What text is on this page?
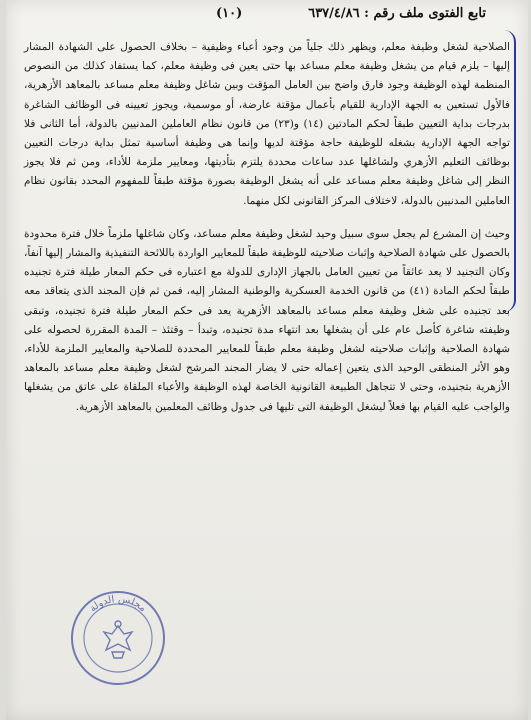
تابع الفتوى ملف رقم : ٦٣٧/٤/٨٦
(١٠)

الصلاحية لشغل وظيفة معلم، ويظهر ذلك جلياً من وجود أعباء وظيفية – بخلاف الحصول على الشهادة المشار إليها – يلزم قيام من يشغل وظيفة معلم مساعد بها حتى يعين فى وظيفة معلم، كما يستفاد كذلك من النصوص المنظمة لهذه الوظيفة وجود فارق واضح بين العامل المؤقت وبين شاغل وظيفة معلم مساعد بالمعاهد الأزهرية، فالأول تستعين به الجهة الإدارية للقيام بأعمال مؤقتة عارضة، أو موسمية، ويجوز تعيينه فى الوظائف الشاغرة بدرجات بداية التعيين طبقاً لحكم المادتين (١٤) و(٢٣) من قانون نظام العاملين المدنيين بالدولة، أما الثانى فلا تواجه الجهة الإدارية بشغله للوظيفة حاجة مؤقتة لديها وإنما هى وظيفة أساسية تمثل بداية درجات التعيين بوظائف التعليم الأزهري ولشاغلها عدد ساعات محددة يلتزم بتأديتها، ومعايير ملزمة للأداء، ومن ثم فلا يجوز النظر إلى شاغل وظيفة معلم مساعد على أنه يشغل الوظيفة بصورة مؤقتة طبقاً للمفهوم المحدد بقانون نظام العاملين المدنيين بالدولة، لاختلاف المركز القانونى لكل منهما.

وحيث إن المشرع لم يجعل سوى سبيل وحيد لشغل وظيفة معلم مساعد، وكان شاغلها ملزماً خلال فترة محدودة بالحصول على شهادة الصلاحية وإثبات صلاحيته للوظيفة طبقاً للمعايير الواردة باللائحة التنفيذية والمشار إليها آنفاً، وكان التجنيد لا يعد عائقاً من تعيين العامل بالجهاز الإدارى للدولة مع اعتباره فى حكم المعار طيلة فترة تجنيده طبقاً لحكم المادة (٤١) من قانون الخدمة العسكرية والوطنية المشار إليه، فمن ثم فإن المجند الذى يتعاقد معه بعد تجنيده على شغل وظيفة معلم مساعد بالمعاهد الأزهرية يعد فى حكم المعار طيلة فترة تجنيده، وتبقى وظيفته شاغرة كأصل عام على أن يشغلها بعد انتهاء مدة تجنيده، وتبدأ – وقتئذ – المدة المقررة لحصوله على شهادة الصلاحية وإثبات صلاحيته لشغل وظيفة معلم طبقاً للمعايير المحددة للصلاحية والمعايير الملزمة للأداء، وهو الأثر المنطقى الوحيد الذى يتعين إعماله حتى لا يضار المجند المرشح لشغل وظيفة معلم مساعد بالمعاهد الأزهرية بتجنيده، وحتى لا تتجاهل الطبيعة القانونية الخاصة لهذه الوظيفة والأعباء الملقاة على عاتق من يشغلها والواجب عليه القيام بها فعلاً ليشغل الوظيفة التى تليها فى جدول وظائف المعلمين بالمعاهد الأزهرية.

مجلس الدولة
